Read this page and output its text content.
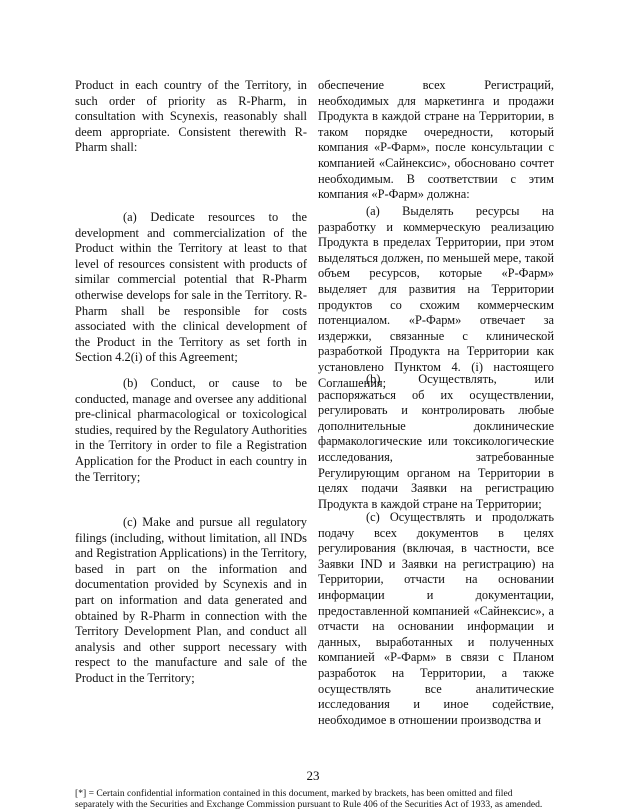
Product in each country of the Territory, in such order of priority as R-Pharm, in consultation with Scynexis, reasonably shall deem appropriate. Consistent therewith R-Pharm shall:

(a) Dedicate resources to the development and commercialization of the Product within the Territory at least to that level of resources consistent with products of similar commercial potential that R-Pharm otherwise develops for sale in the Territory. R-Pharm shall be responsible for costs associated with the clinical development of the Product in the Territory as set forth in Section 4.2(i) of this Agreement;

(b) Conduct, or cause to be conducted, manage and oversee any additional pre-clinical pharmacological or toxicological studies, required by the Regulatory Authorities in the Territory in order to file a Registration Application for the Product in each country in the Territory;

(c) Make and pursue all regulatory filings (including, without limitation, all INDs and Registration Applications) in the Territory, based in part on the information and documentation provided by Scynexis and in part on information and data generated and obtained by R-Pharm in connection with the Territory Development Plan, and conduct all analysis and other support necessary with respect to the manufacture and sale of the Product in the Territory;

обеспечение всех Регистраций, необходимых для маркетинга и продажи Продукта в каждой стране на Территории, в таком порядке очередности, который компания «Р-Фарм», после консультации с компанией «Сайнексис», обосновано сочтет необходимым. В соответствии с этим компания «Р-Фарм» должна:

(а) Выделять ресурсы на разработку и коммерческую реализацию Продукта в пределах Территории, при этом выделяться должен, по меньшей мере, такой объем ресурсов, которые «Р-Фарм» выделяет для развития на Территории продуктов со схожим коммерческим потенциалом. «Р-Фарм» отвечает за издержки, связанные с клинической разработкой Продукта на Территории как установлено Пунктом 4. (i) настоящего Соглашения;

(b) Осуществлять, или распоряжаться об их осуществлении, регулировать и контролировать любые дополнительные доклинические фармакологические или токсикологические исследования, затребованные Регулирующим органом на Территории в целях подачи Заявки на регистрацию Продукта в каждой стране на Территории;

(с) Осуществлять и продолжать подачу всех документов в целях регулирования (включая, в частности, все Заявки IND и Заявки на регистрацию) на Территории, отчасти на основании информации и документации, предоставленной компанией «Сайнексис», а отчасти на основании информации и данных, выработанных и полученных компанией «Р-Фарм» в связи с Планом разработок на Территории, а также осуществлять все аналитические исследования и иное содействие, необходимое в отношении производства и

23
[*] = Certain confidential information contained in this document, marked by brackets, has been omitted and filed separately with the Securities and Exchange Commission pursuant to Rule 406 of the Securities Act of 1933, as amended.
